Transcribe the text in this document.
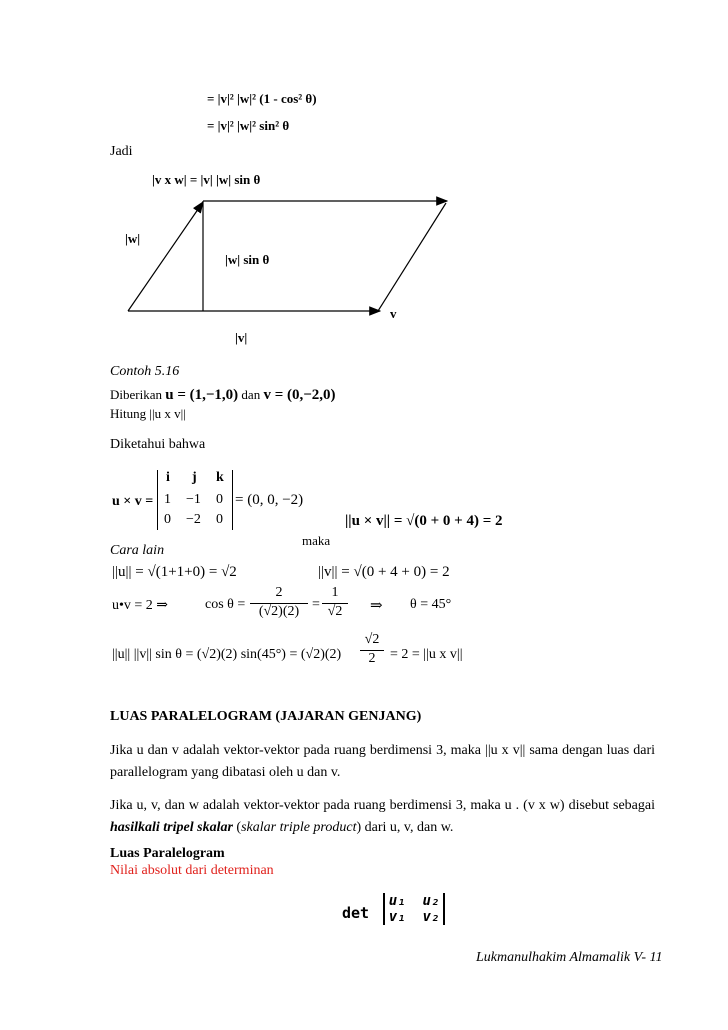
= |v|² |w|² (1 - cos² θ)
= |v|² |w|² sin² θ
Jadi
|v x w| = |v| |w| sin θ
|w|
|w| sin θ
v
|v|
Contoh 5.16
Diberikan u = (1,−1,0) dan v = (0,−2,0)
Hitung ||u x v||
Diketahui bahwa
u × v =
i j k
1 −1 0
0 −2 0
= (0, 0, −2)
maka
||u × v|| = √(0 + 0 + 4) = 2
Cara lain
||u|| = √(1+1+0) = √2	||v|| = √(0 + 4 + 0) = 2
u•v = 2 ⇒	$\cos \theta = \frac{2}{(√2)(2)} = \frac{1}{√2}$ ⇒ θ = 45°
||u|| ||v|| sin θ = (√2)(2) $\sin(45^\circ) = (√2)(2) \frac{√2}{2} = 2 = ||u$ x v||
LUAS PARALELOGRAM (JAJARAN GENJANG)
Jika u dan v adalah vektor-vektor pada ruang berdimensi 3, maka ||u x v|| sama dengan luas dari parallelogram yang dibatasi oleh u dan v.
Jika u, v, dan w adalah vektor-vektor pada ruang berdimensi 3, maka u . (v x w) disebut sebagai hasilkali tripel skalar (skalar triple product) dari u, v, dan w.
Luas Paralelogram
Nilai absolut dari determinan
det
u₁ u₂
v₁ v₂
Lukmanulhakim Almamalik V- 11
